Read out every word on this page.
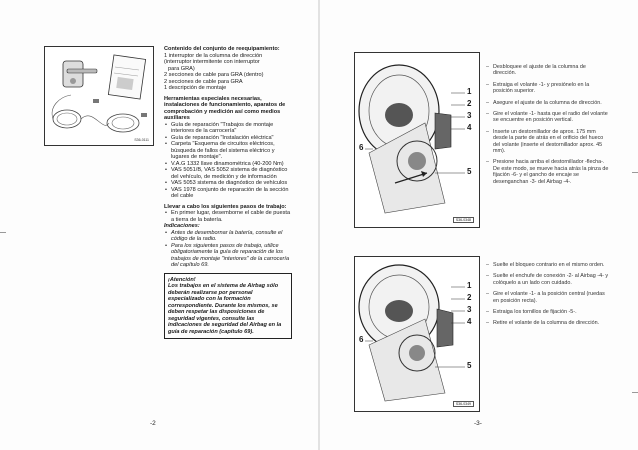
S36-0111
Contenido del conjunto de reequipamiento:
1 interruptor de la columna de dirección
(interruptor intermitente con interruptor
para GRA)
2 secciones de cable para GRA (dentro)
2 secciones de cable para GRA
1 descripción de montaje
Herramientas especiales necesarias, instalaciones de funcionamiento, aparatos de comprobación y medición así como medios auxiliares
• Guía de reparación "Trabajos de montaje interiores de la carrocería"
• Guía de reparación "Instalación eléctrica"
• Carpeta "Esquema de circuitos eléctricos, búsqueda de fallos del sistema eléctrico y lugares de montaje".
• V.A.G 1332 llave dinamométrica (40-200 Nm)
• VAS 5051/B, VAS 5052 sistema de diagnóstico del vehículo, de medición y de información
• VAS 5053 sistema de diagnóstico de vehículos
• VAS 1978 conjunto de reparación de la sección del cable
Llevar a cabo los siguientes pasos de trabajo:
• En primer lugar, desemborne el cable de puesta a tierra de la batería.
Indicaciones:
• Antes de desembornar la batería, consulte el código de la radio.
• Para los siguientes pasos de trabajo, utilice obligatoriamente la guía de reparación de los trabajos de montaje "interiores" de la carrocería del capítulo 69.
¡Atención!
Los trabajos en el sistema de Airbag sólo deberán realizarse por personal especializado con la formación correspondiente. Durante los mismos, se deben respetar las disposiciones de seguridad vigentes, consulte las indicaciones de seguridad del Airbag en la guía de reparación (capítulo 69).
-2
1
2
3
4
5
6
S36-0348
– Desbloquee el ajuste de la columna de dirección.
– Extraiga el volante -1- y presiónelo en la posición superior.
– Asegure el ajuste de la columna de dirección.
– Gire el volante -1- hasta que el radio del volante se encuentre en posición vertical.
– Inserte un destornillador de aprox. 175 mm desde la parte de atrás en el orificio del hueco del volante (inserte el destornillador aprox. 45 mm).
– Presione hacia arriba el destornillador -flecha-. De este modo, se mueve hacia atrás la pinza de fijación -6- y el gancho de encaje se desenganchan -3- del Airbag -4-.
1
2
3
4
5
6
S36-0349
– Suelte el bloqueo contrario en el mismo orden.
– Suelte el enchufe de conexión -2- al Airbag -4- y colóquelo a un lado con cuidado.
– Gire el volante -1- a la posición central (ruedas en posición recta).
– Extraiga los tornillos de fijación -5-.
– Retire el volante de la columna de dirección.
-3-
